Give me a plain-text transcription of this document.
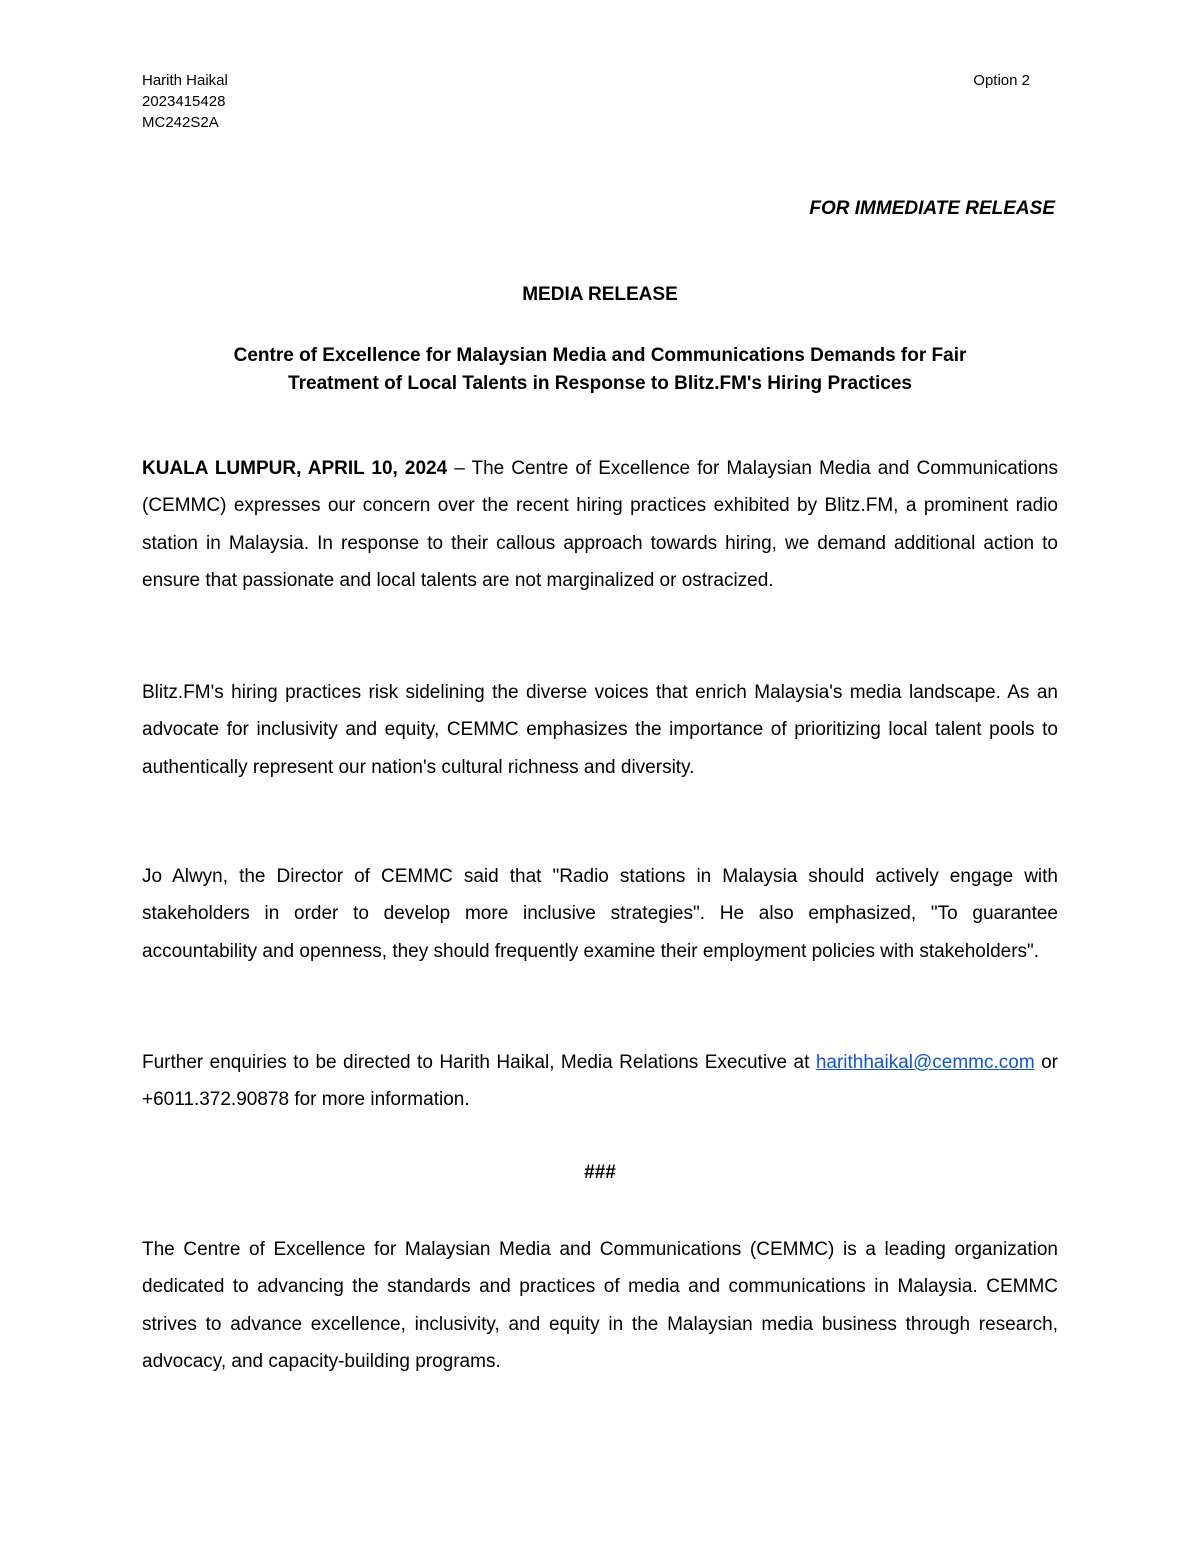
Harith Haikal
2023415428
MC242S2A
Option 2
FOR IMMEDIATE RELEASE
MEDIA RELEASE
Centre of Excellence for Malaysian Media and Communications Demands for Fair
Treatment of Local Talents in Response to Blitz.FM's Hiring Practices
KUALA LUMPUR, APRIL 10, 2024 – The Centre of Excellence for Malaysian Media and Communications (CEMMC) expresses our concern over the recent hiring practices exhibited by Blitz.FM, a prominent radio station in Malaysia. In response to their callous approach towards hiring, we demand additional action to ensure that passionate and local talents are not marginalized or ostracized.
Blitz.FM's hiring practices risk sidelining the diverse voices that enrich Malaysia's media landscape. As an advocate for inclusivity and equity, CEMMC emphasizes the importance of prioritizing local talent pools to authentically represent our nation's cultural richness and diversity.
Jo Alwyn, the Director of CEMMC said that "Radio stations in Malaysia should actively engage with stakeholders in order to develop more inclusive strategies". He also emphasized, "To guarantee accountability and openness, they should frequently examine their employment policies with stakeholders".
Further enquiries to be directed to Harith Haikal, Media Relations Executive at harithhaikal@cemmc.com or +6011.372.90878 for more information.
###
The Centre of Excellence for Malaysian Media and Communications (CEMMC) is a leading organization dedicated to advancing the standards and practices of media and communications in Malaysia. CEMMC strives to advance excellence, inclusivity, and equity in the Malaysian media business through research, advocacy, and capacity-building programs.
